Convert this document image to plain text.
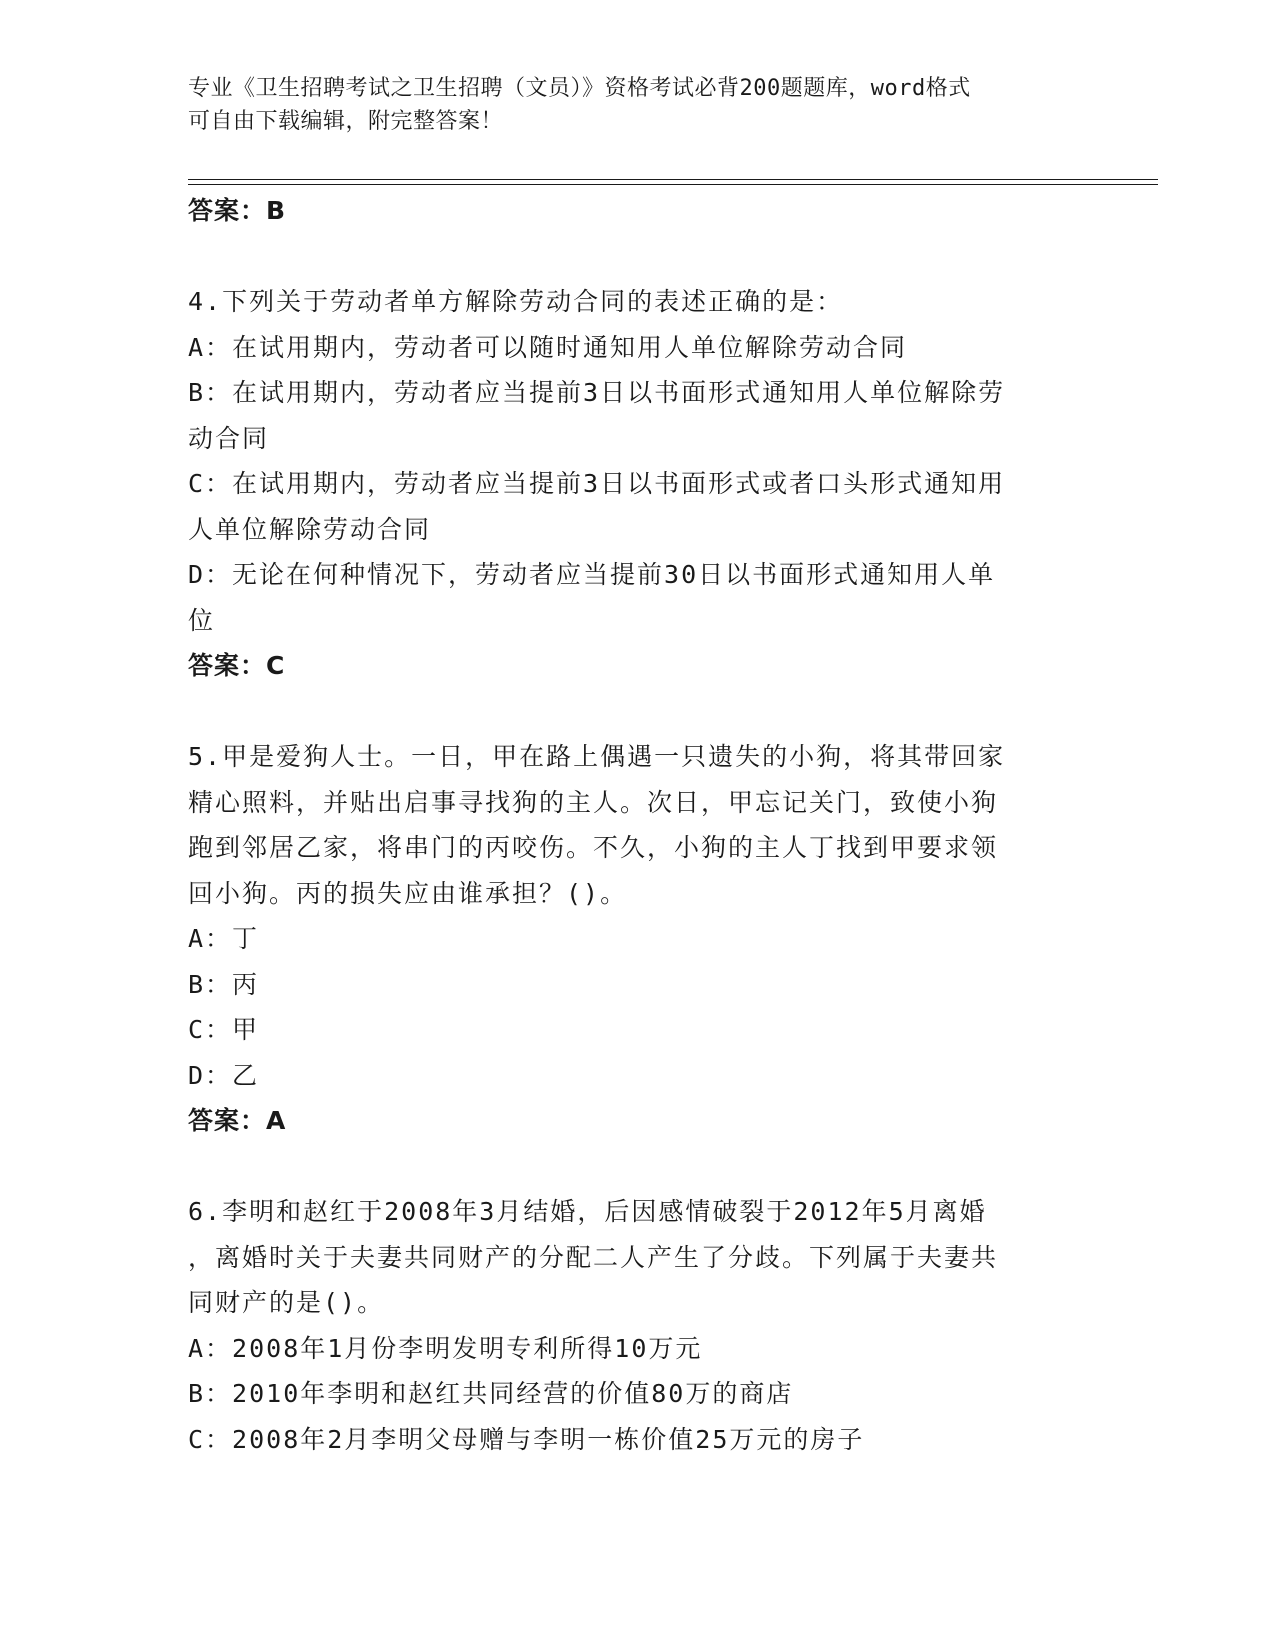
专业《卫生招聘考试之卫生招聘（文员）》资格考试必背200题题库，word格式
可自由下载编辑，附完整答案！
答案：B
4.下列关于劳动者单方解除劳动合同的表述正确的是：
A：在试用期内，劳动者可以随时通知用人单位解除劳动合同
B：在试用期内，劳动者应当提前3日以书面形式通知用人单位解除劳
动合同
C：在试用期内，劳动者应当提前3日以书面形式或者口头形式通知用
人单位解除劳动合同
D：无论在何种情况下，劳动者应当提前30日以书面形式通知用人单
位
答案：C
5.甲是爱狗人士。一日，甲在路上偶遇一只遗失的小狗，将其带回家
精心照料，并贴出启事寻找狗的主人。次日，甲忘记关门，致使小狗
跑到邻居乙家，将串门的丙咬伤。不久，小狗的主人丁找到甲要求领
回小狗。丙的损失应由谁承担？()。
A：丁
B：丙
C：甲
D：乙
答案：A
6.李明和赵红于2008年3月结婚，后因感情破裂于2012年5月离婚
，离婚时关于夫妻共同财产的分配二人产生了分歧。下列属于夫妻共
同财产的是()。
A：2008年1月份李明发明专利所得10万元
B：2010年李明和赵红共同经营的价值80万的商店
C：2008年2月李明父母赠与李明一栋价值25万元的房子
